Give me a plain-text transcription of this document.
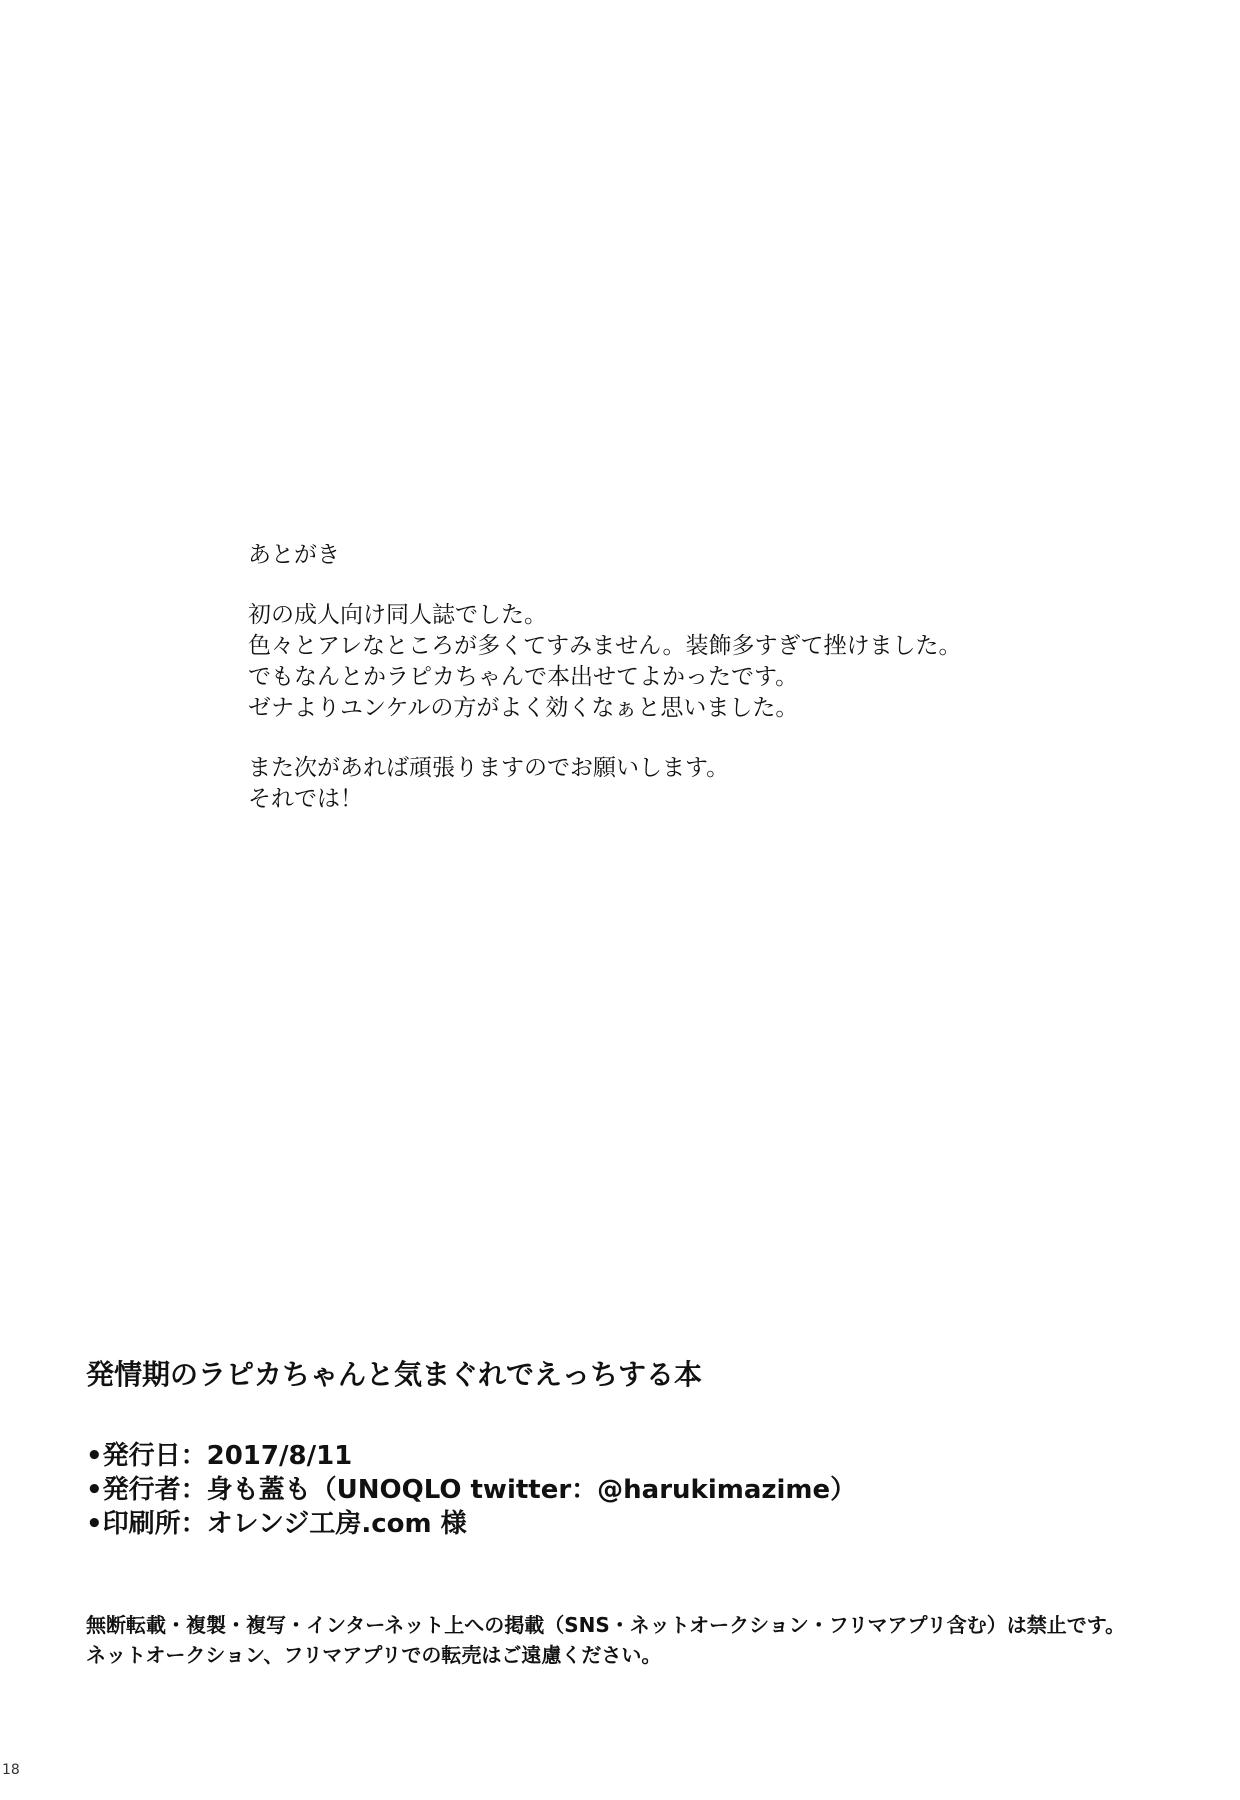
あとがき
初の成人向け同人誌でした。
色々とアレなところが多くてすみません。装飾多すぎて挫けました。
でもなんとかラピカちゃんで本出せてよかったです。
ゼナよりユンケルの方がよく効くなぁと思いました。
また次があれば頑張りますのでお願いします。
それでは！
発情期のラピカちゃんと気まぐれでえっちする本
•発行日：2017/8/11
•発行者：身も蓋も（UNOQLO twitter：@harukimazime）
•印刷所：オレンジ工房.com 様
無断転載・複製・複写・インターネット上への掲載（SNS・ネットオークション・フリマアプリ含む）は禁止です。
ネットオークション、フリマアプリでの転売はご遠慮ください。
18
